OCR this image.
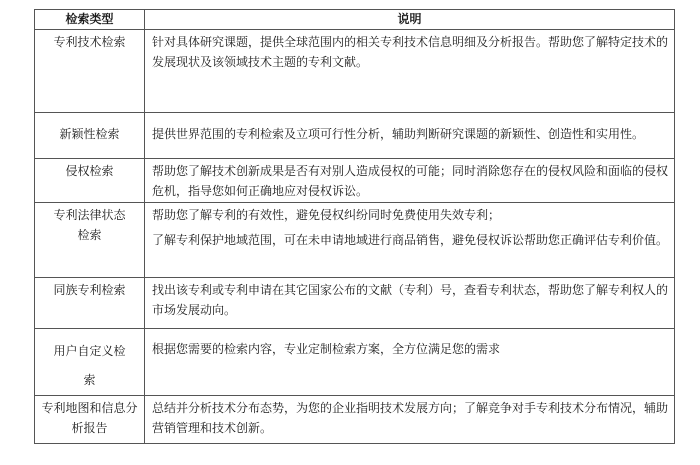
检索类型	说明
专利技术检索	针对具体研究课题，提供全球范围内的相关专利技术信息明细及分析报告。帮助您了解特定技术的发展现状及该领域技术主题的专利文献。

新颖性检索	提供世界范围的专利检索及立项可行性分析，辅助判断研究课题的新颖性、创造性和实用性。

侵权检索	帮助您了解技术创新成果是否有对别人造成侵权的可能；同时消除您存在的侵权风险和面临的侵权危机，指导您如何正确地应对侵权诉讼。

专利法律状态检索	帮助您了解专利的有效性，避免侵权纠纷同时免费使用失效专利；
了解专利保护地域范围，可在未申请地域进行商品销售，避免侵权诉讼帮助您正确评估专利价值。

同族专利检索	找出该专利或专利申请在其它国家公布的文献（专利）号，查看专利状态，帮助您了解专利权人的市场发展动向。

用户自定义检索	根据您需要的检索内容，专业定制检索方案，全方位满足您的需求

专利地图和信息分析报告	总结并分析技术分布态势，为您的企业指明技术发展方向；了解竞争对手专利技术分布情况，辅助营销管理和技术创新。
